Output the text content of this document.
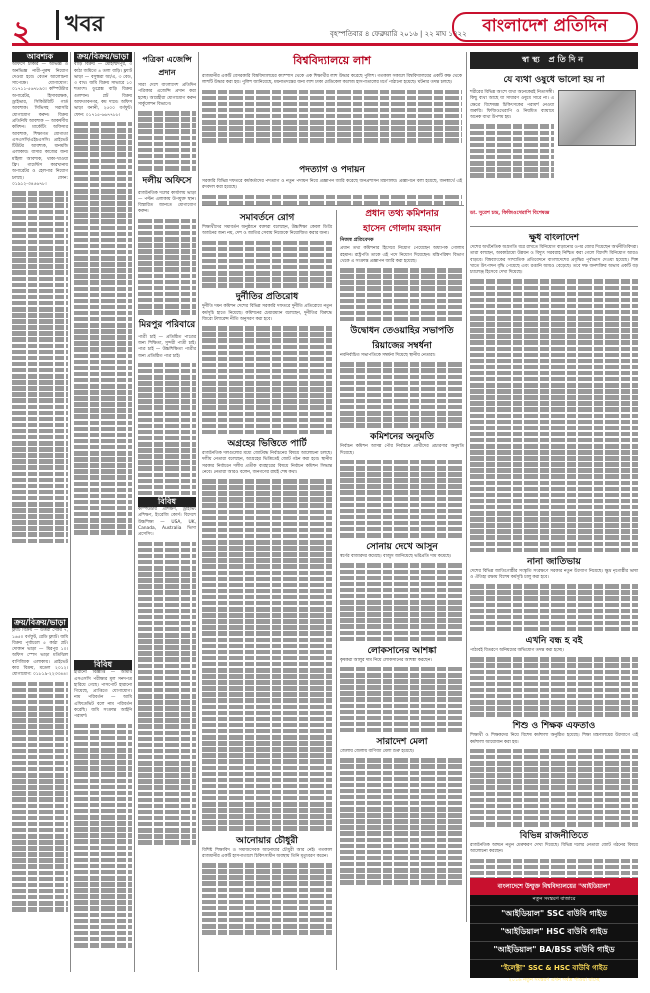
২	খবর	বৃহস্পতিবার ৪ ফেব্রুয়ারি ২০১৬ | ২২ মাঘ ১৪২২ বাংলাদেশ প্রতিদিন
আবশ্যক

অফিসে চাকরি — অভিজ্ঞ ও অনভিজ্ঞ নারী-পুরুষ নিয়োগ দেওয়া হবে। বেতন আলোচনা সাপেক্ষে। যোগাযোগ: ০১৭১১-৫৬৭৮৯০। কম্পিউটার অপারেটর, হিসাবরক্ষক, ড্রাইভার, সিকিউরিটি গার্ড আবশ্যক। সিভিসহ সরাসরি যোগাযোগ করুন। বিক্রয় প্রতিনিধি আবশ্যক — আকর্ষণীয় কমিশন। মার্কেটিং অফিসার আবশ্যক, শিক্ষাগত যোগ্যতা এসএসসি/এইচএসসি। প্রাইভেট টিউটর আবশ্যক, ধানমন্ডি এলাকায়। বাসার কাজের জন্য মহিলা আবশ্যক, থাকা-খাওয়া ফ্রি। গার্মেন্টস কারখানায় অপারেটর ও হেলপার নিয়োগ চলছে। ফোন: ০১৯১২-৩৪৫৬৭৮।

ক্রয়/বিক্রয়/ভাড়া

ফ্ল্যাট বিক্রয় — উত্তরা সেক্টর ৭, ১৬৫০ বর্গফুট, রেডি ফ্ল্যাট। জমি বিক্রয় পূর্বাচলে ৫ কাঠা প্লট। দোকান ভাড়া — মিরপুর ১০। অফিস স্পেস ভাড়া মতিঝিল বাণিজ্যিক এলাকায়। প্রাইভেট কার বিক্রয়, মডেল ২০১২। যোগাযোগ: ০১৮১৯-২২৩৩৪৪।

ক্রয়/বিক্রয়/ভাড়া

বাড়ি বিক্রয় — মোহাম্মদপুর, ৩ কাঠা জমিতে ৪ তলা বাড়ি। ফ্ল্যাট ভাড়া — বসুন্ধরা আ/এ, ৩ বেড, ৩ বাথ। জমি বিক্রয় সাভারে ১০ শতাংশ। ডুপ্লেক্স বাড়ি বিক্রয় গুলশান। প্লট বিক্রয় আফতাবনগর, কম দামে। অফিস ভাড়া বনানী, ২৫০০ বর্গফুট। ফোন: ০১৭১৫-৬৬৭৭৮৮।

বিবিধ

হারানো বিজ্ঞপ্তি — আমার এসএসসি পরীক্ষার মূল সনদপত্র হারিয়ে গেছে। পাসপোর্ট হারানো গিয়েছে, প্রাপ্তিতে যোগাযোগ। নাম পরিবর্তন — আমি এফিডেভিট বলে নাম পরিবর্তন করেছি। জমি সংক্রান্ত আইনি পরামর্শ।

পত্রিকা এজেন্সি প্রদান

সারা দেশে বাংলাদেশ প্রতিদিন পত্রিকার এজেন্সি প্রদান করা হচ্ছে। আগ্রহীরা যোগাযোগ করুন সার্কুলেশন বিভাগে।

দলীয় অফিসে

রাজনৈতিক দলের কার্যালয় ভাড়া — পল্টন এলাকায় উপযুক্ত স্থান। বিস্তারিত জানতে যোগাযোগ করুন।

মিরপুর পরিবারে

পাত্রী চাই — প্রতিষ্ঠিত পাত্রের জন্য শিক্ষিতা, সুন্দরী পাত্রী চাই। পাত্র চাই — উচ্চশিক্ষিতা পাত্রীর জন্য প্রতিষ্ঠিত পাত্র চাই।

বিবিধ

কম্পিউটার প্রশিক্ষণ, ড্রাইভিং প্রশিক্ষণ, ইংরেজি কোর্স। বিদেশে উচ্চশিক্ষা — USA, UK, Canada, Australia ভিসা প্রসেসিং।

বিশ্ববিদ্যালয়ে লাশ

রাজধানীর একটি বেসরকারি বিশ্ববিদ্যালয়ের ক্যাম্পাস থেকে এক শিক্ষার্থীর লাশ উদ্ধার করেছে পুলিশ। গতকাল সকালে বিশ্ববিদ্যালয়ের একটি কক্ষ থেকে লাশটি উদ্ধার করা হয়। পুলিশ জানিয়েছে, ময়নাতদন্তের জন্য লাশ ঢাকা মেডিকেল কলেজ হাসপাতালের মর্গে পাঠানো হয়েছে। ঘটনার তদন্ত চলছে।

পদত্যাগ ও পদায়ন

সরকারি বিভিন্ন দফতরে কর্মকর্তাদের পদত্যাগ ও নতুন পদায়ন নিয়ে প্রজ্ঞাপন জারি করেছে জনপ্রশাসন মন্ত্রণালয়। প্রজ্ঞাপনে বলা হয়েছে, জনস্বার্থে এই রদবদল করা হয়েছে।

সমাবর্তনে রোগ

শিক্ষার্থীদের সমাবর্তন অনুষ্ঠানে বক্তারা বলেছেন, উচ্চশিক্ষা কেবল ডিগ্রি অর্জনের জন্য নয়, দেশ ও জাতির সেবায় নিজেকে নিয়োজিত করার জন্য।

দুর্নীতির প্রতিরোধ

দুর্নীতি দমন কমিশন দেশের বিভিন্ন সরকারি দফতরে দুর্নীতি প্রতিরোধে নতুন কর্মসূচি হাতে নিয়েছে। কমিশনের চেয়ারম্যান বলেছেন, দুর্নীতির বিরুদ্ধে জিরো টলারেন্স নীতি অনুসরণ করা হবে।

অগ্রহের ভিত্তিতে পার্টি

রাজনৈতিক দলগুলোর মধ্যে জোটবদ্ধ নির্বাচনের বিষয়ে আলোচনা চলছে। দলীয় নেতারা বলেছেন, আগ্রহের ভিত্তিতেই জোট গঠন করা হবে। স্থানীয় সরকার নির্বাচনে দলীয় প্রতীক ব্যবহারের বিষয়ে নির্বাচন কমিশন সিদ্ধান্ত নেবে। নেতারা আরও বলেন, জনগণের রায়ই শেষ কথা।

আনোয়ার চৌধুরী

বিশিষ্ট শিক্ষাবিদ ও সমাজসেবক আনোয়ার চৌধুরী আর নেই। গতকাল রাজধানীর একটি হাসপাতালে চিকিৎসাধীন অবস্থায় তিনি মৃত্যুবরণ করেন।

প্রধান তথ্য কমিশনার
হাসেন গোলাম রহমান
নিজস্ব প্রতিবেদক

প্রধান তথ্য কমিশনার হিসেবে নিয়োগ পেয়েছেন অধ্যাপক গোলাম রহমান। রাষ্ট্রপতি তাকে এই পদে নিয়োগ দিয়েছেন। মন্ত্রিপরিষদ বিভাগ থেকে এ সংক্রান্ত প্রজ্ঞাপন জারি করা হয়েছে।

উদ্বোধন তেওয়াহির সভাপতি
রিয়াজের সম্বর্ধনা

নবনির্বাচিত সভাপতিকে সম্বর্ধনা দিয়েছে স্থানীয় নেতারা।

কমিশনের অনুমতি

নির্বাচন কমিশন আসন্ন পৌর নির্বাচনে প্রার্থীদের প্রচারণার অনুমতি দিয়েছে।

সোনায় দেখে আসুন

স্বর্ণের বাজারদর কমেছে। বাজুস জানিয়েছে ভরিপ্রতি দাম কমেছে।

লোকসানের আশঙ্কা

কৃষকরা আলুর দাম নিয়ে লোকসানের আশঙ্কা করছেন।

সারাদেশ মেলা

জেলায় জেলায় বাণিজ্য মেলা শুরু হয়েছে।

স্বাস্থ্য প্রতিদিন
যে ব্যথা ওষুধে ভালো হয় না

শরীরের বিভিন্ন অংশে ব্যথা অনেকেরই নিত্যসঙ্গী। কিছু ব্যথা আছে যা সাধারণ ওষুধে সারে না। এ ক্ষেত্রে বিশেষজ্ঞ চিকিৎসকের পরামর্শ নেওয়া জরুরি। ফিজিওথেরাপি ও নিয়মিত ব্যায়ামে অনেক ব্যথা উপশম হয়।

ডা. সুরেশ চন্দ্র, ফিজিওথেরাপি বিশেষজ্ঞ
ক্ষুধ বাংলাদেশ

দেশের অর্থনৈতিক অগ্রগতি ধরে রাখতে বিনিয়োগ বাড়ানোর ওপর জোর দিয়েছেন অর্থনীতিবিদরা। তারা বলছেন, অবকাঠামো উন্নয়ন ও বিদ্যুৎ সরবরাহ নিশ্চিত করা গেলে বিদেশি বিনিয়োগ আরও বাড়বে। বিশ্বব্যাংকের সাম্প্রতিক প্রতিবেদনে বাংলাদেশের প্রবৃদ্ধির পূর্বাভাস দেওয়া হয়েছে। শিল্প খাতে উৎপাদন বৃদ্ধি পেয়েছে এবং রপ্তানি আয়ও বেড়েছে। তবে দক্ষ জনশক্তির অভাব একটি বড় চ্যালেঞ্জ হিসেবে দেখা দিয়েছে।

নানা জাতিভায়

দেশের বিভিন্ন জাতিগোষ্ঠীর সংস্কৃতি সংরক্ষণে সরকার নতুন উদ্যোগ নিয়েছে। ক্ষুদ্র নৃগোষ্ঠীর ভাষা ও ঐতিহ্য রক্ষায় বিশেষ কর্মসূচি চালু করা হবে।

এখনি বন্ধ হ বই

পাঠ্যবই বিতরণে অনিয়মের অভিযোগ তদন্ত করা হচ্ছে।

শিশু ও শিক্ষক এফতাও

শিক্ষার্থী ও শিক্ষকদের নিয়ে বিশেষ কর্মশালা অনুষ্ঠিত হয়েছে। শিক্ষা মন্ত্রণালয়ের উদ্যোগে এই কর্মশালা আয়োজন করা হয়।

বিভিন্ন রাজনীতিতে

রাজনৈতিক অঙ্গনে নতুন মেরুকরণ দেখা দিয়েছে। বিভিন্ন দলের নেতারা জোট গঠনের বিষয়ে আলোচনা করছেন।

বাংলাদেশে উন্মুক্ত বিশ্ববিদ্যালয়ের "আইডিয়াল"
নতুন সংস্করণ বাজারে
"আইডিয়াল" SSC বাউবি গাইড
"আইডিয়াল" HSC বাউবি গাইড
"আইডিয়াল" BA/BSS বাউবি গাইড
"ইলেক্ট্রা" SSC & HSC বাউবি গাইড
২০১৬ নতুন সংস্করণ এখন সর্বত্র পাওয়া যাচ্ছে
ফোন: ০১৭১১-১২৩৪৫৬, ০১৯১১-৬৫৪৩২১
